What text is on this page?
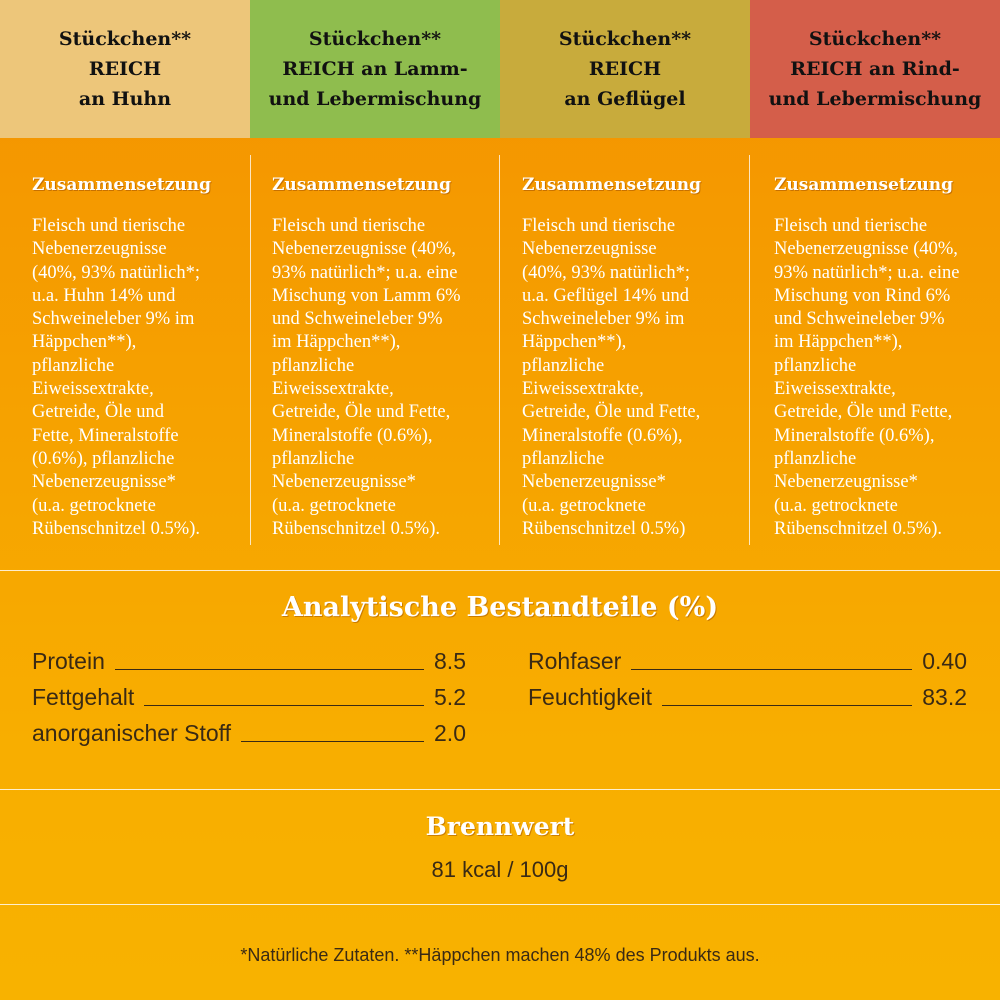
Stückchen**
REICH
an Huhn
Stückchen**
REICH an Lamm-
und Lebermischung
Stückchen**
REICH
an Geflügel
Stückchen**
REICH an Rind-
und Lebermischung
Zusammensetzung
Fleisch und tierische
Nebenerzeugnisse
(40%, 93% natürlich*;
u.a. Huhn 14% und
Schweineleber 9% im
Häppchen**),
pflanzliche
Eiweissextrakte,
Getreide, Öle und
Fette, Mineralstoffe
(0.6%), pflanzliche
Nebenerzeugnisse*
(u.a. getrocknete
Rübenschnitzel 0.5%).
Zusammensetzung
Fleisch und tierische
Nebenerzeugnisse (40%,
93% natürlich*; u.a. eine
Mischung von Lamm 6%
und Schweineleber 9%
im Häppchen**),
pflanzliche
Eiweissextrakte,
Getreide, Öle und Fette,
Mineralstoffe (0.6%),
pflanzliche
Nebenerzeugnisse*
(u.a. getrocknete
Rübenschnitzel 0.5%).
Zusammensetzung
Fleisch und tierische
Nebenerzeugnisse
(40%, 93% natürlich*;
u.a. Geflügel 14% und
Schweineleber 9% im
Häppchen**),
pflanzliche
Eiweissextrakte,
Getreide, Öle und Fette,
Mineralstoffe (0.6%),
pflanzliche
Nebenerzeugnisse*
(u.a. getrocknete
Rübenschnitzel 0.5%)
Zusammensetzung
Fleisch und tierische
Nebenerzeugnisse (40%,
93% natürlich*; u.a. eine
Mischung von Rind 6%
und Schweineleber 9%
im Häppchen**),
pflanzliche
Eiweissextrakte,
Getreide, Öle und Fette,
Mineralstoffe (0.6%),
pflanzliche
Nebenerzeugnisse*
(u.a. getrocknete
Rübenschnitzel 0.5%).
Analytische Bestandteile (%)
Protein	8.5
Fettgehalt	5.2
anorganischer Stoff	2.0
Rohfaser	0.40
Feuchtigkeit	83.2
Brennwert
81 kcal / 100g
*Natürliche Zutaten. **Häppchen machen 48% des Produkts aus.
